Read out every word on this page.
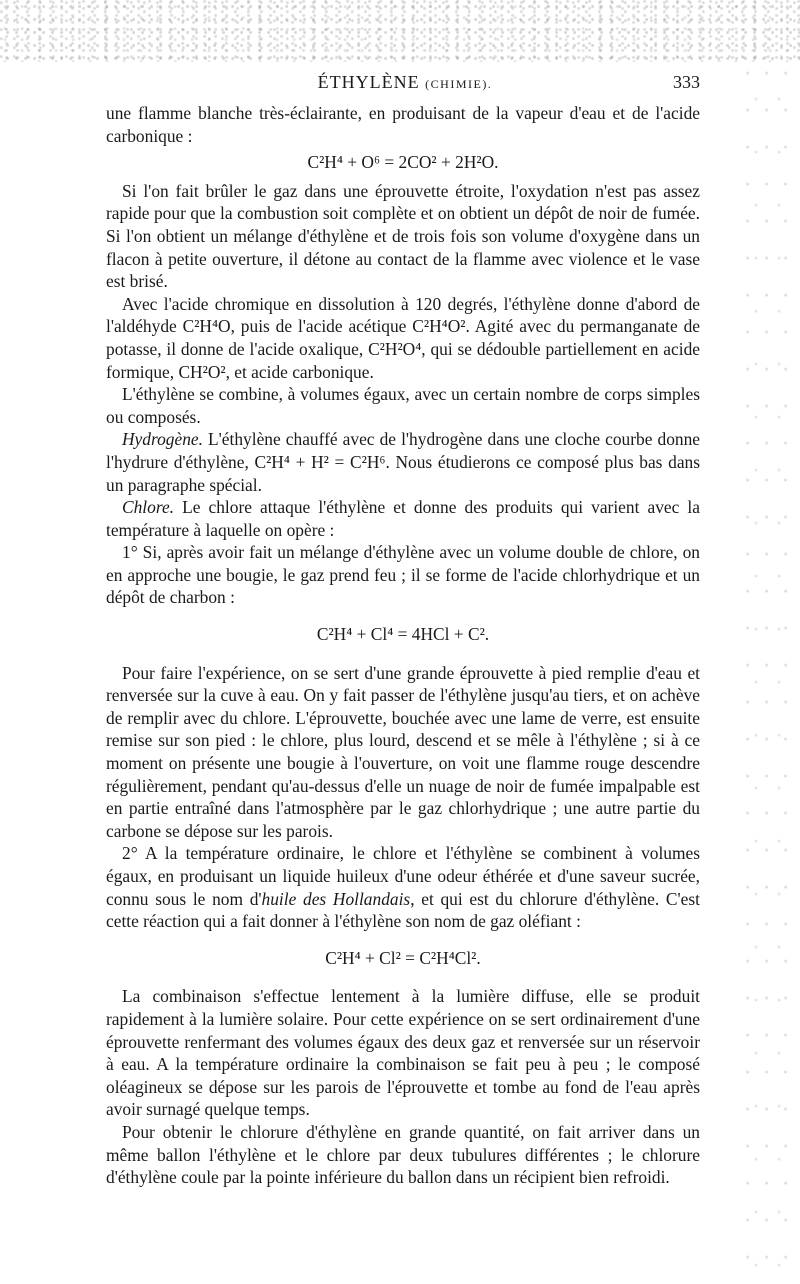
ÉTHYLÈNE (CHIMIE).	333

une flamme blanche très-éclairante, en produisant de la vapeur d'eau et de l'acide carbonique :

C²H⁴ + O⁶ = 2CO² + 2H²O.

Si l'on fait brûler le gaz dans une éprouvette étroite, l'oxydation n'est pas assez rapide pour que la combustion soit complète et on obtient un dépôt de noir de fumée. Si l'on obtient un mélange d'éthylène et de trois fois son volume d'oxygène dans un flacon à petite ouverture, il détone au contact de la flamme avec violence et le vase est brisé.

Avec l'acide chromique en dissolution à 120 degrés, l'éthylène donne d'abord de l'aldéhyde C²H⁴O, puis de l'acide acétique C²H⁴O². Agité avec du permanganate de potasse, il donne de l'acide oxalique, C²H²O⁴, qui se dédouble partiellement en acide formique, CH²O², et acide carbonique.

L'éthylène se combine, à volumes égaux, avec un certain nombre de corps simples ou composés.

Hydrogène. L'éthylène chauffé avec de l'hydrogène dans une cloche courbe donne l'hydrure d'éthylène, C²H⁴ + H² = C²H⁶. Nous étudierons ce composé plus bas dans un paragraphe spécial.

Chlore. Le chlore attaque l'éthylène et donne des produits qui varient avec la température à laquelle on opère :

1° Si, après avoir fait un mélange d'éthylène avec un volume double de chlore, on en approche une bougie, le gaz prend feu ; il se forme de l'acide chlorhydrique et un dépôt de charbon :

C²H⁴ + Cl⁴ = 4HCl + C².

Pour faire l'expérience, on se sert d'une grande éprouvette à pied remplie d'eau et renversée sur la cuve à eau. On y fait passer de l'éthylène jusqu'au tiers, et on achève de remplir avec du chlore. L'éprouvette, bouchée avec une lame de verre, est ensuite remise sur son pied : le chlore, plus lourd, descend et se mêle à l'éthylène ; si à ce moment on présente une bougie à l'ouverture, on voit une flamme rouge descendre régulièrement, pendant qu'au-dessus d'elle un nuage de noir de fumée impalpable est en partie entraîné dans l'atmosphère par le gaz chlorhydrique ; une autre partie du carbone se dépose sur les parois.

2° A la température ordinaire, le chlore et l'éthylène se combinent à volumes égaux, en produisant un liquide huileux d'une odeur éthérée et d'une saveur sucrée, connu sous le nom d'huile des Hollandais, et qui est du chlorure d'éthylène. C'est cette réaction qui a fait donner à l'éthylène son nom de gaz oléfiant :

C²H⁴ + Cl² = C²H⁴Cl².

La combinaison s'effectue lentement à la lumière diffuse, elle se produit rapidement à la lumière solaire. Pour cette expérience on se sert ordinairement d'une éprouvette renfermant des volumes égaux des deux gaz et renversée sur un réservoir à eau. A la température ordinaire la combinaison se fait peu à peu ; le composé oléagineux se dépose sur les parois de l'éprouvette et tombe au fond de l'eau après avoir surnagé quelque temps.

Pour obtenir le chlorure d'éthylène en grande quantité, on fait arriver dans un même ballon l'éthylène et le chlore par deux tubulures différentes ; le chlorure d'éthylène coule par la pointe inférieure du ballon dans un récipient bien refroidi.
